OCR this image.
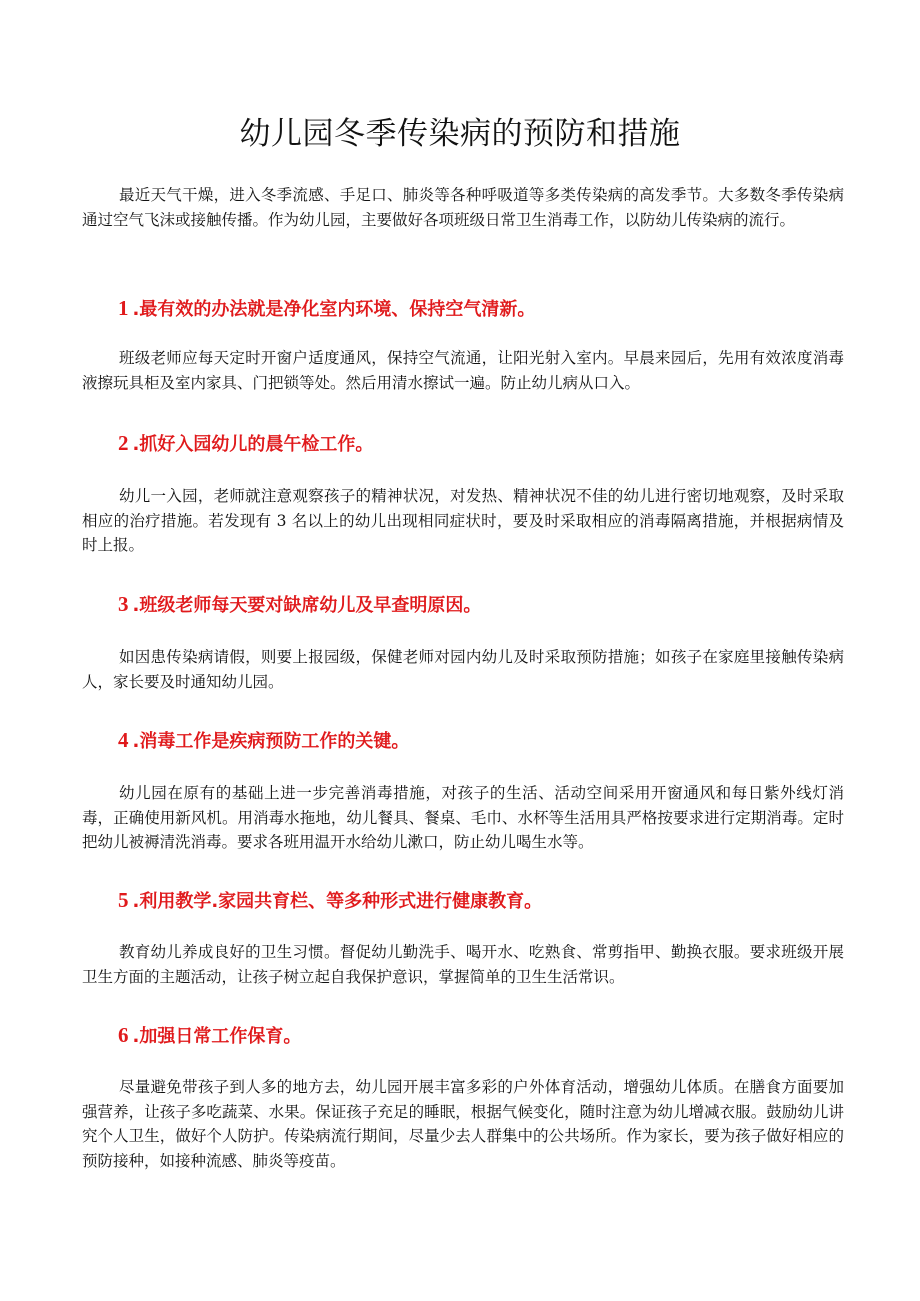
幼儿园冬季传染病的预防和措施

最近天气干燥，进入冬季流感、手足口、肺炎等各种呼吸道等多类传染病的高发季节。大多数冬季传染病通过空气飞沫或接触传播。作为幼儿园，主要做好各项班级日常卫生消毒工作，以防幼儿传染病的流行。

1 .最有效的办法就是净化室内环境、保持空气清新。

班级老师应每天定时开窗户适度通风，保持空气流通，让阳光射入室内。早晨来园后，先用有效浓度消毒液擦玩具柜及室内家具、门把锁等处。然后用清水擦试一遍。防止幼儿病从口入。

2 .抓好入园幼儿的晨午检工作。

幼儿一入园，老师就注意观察孩子的精神状况，对发热、精神状况不佳的幼儿进行密切地观察，及时采取相应的治疗措施。若发现有 3 名以上的幼儿出现相同症状时，要及时采取相应的消毒隔离措施，并根据病情及时上报。

3 .班级老师每天要对缺席幼儿及早查明原因。

如因患传染病请假，则要上报园级，保健老师对园内幼儿及时采取预防措施；如孩子在家庭里接触传染病人，家长要及时通知幼儿园。

4 .消毒工作是疾病预防工作的关键。

幼儿园在原有的基础上进一步完善消毒措施，对孩子的生活、活动空间采用开窗通风和每日紫外线灯消毒，正确使用新风机。用消毒水拖地，幼儿餐具、餐桌、毛巾、水杯等生活用具严格按要求进行定期消毒。定时把幼儿被褥清洗消毒。要求各班用温开水给幼儿漱口，防止幼儿喝生水等。

5 .利用教学.家园共育栏、等多种形式进行健康教育。

教育幼儿养成良好的卫生习惯。督促幼儿勤洗手、喝开水、吃熟食、常剪指甲、勤换衣服。要求班级开展卫生方面的主题活动，让孩子树立起自我保护意识，掌握简单的卫生生活常识。

6 .加强日常工作保育。

尽量避免带孩子到人多的地方去，幼儿园开展丰富多彩的户外体育活动，增强幼儿体质。在膳食方面要加强营养，让孩子多吃蔬菜、水果。保证孩子充足的睡眠，根据气候变化，随时注意为幼儿增减衣服。鼓励幼儿讲究个人卫生，做好个人防护。传染病流行期间，尽量少去人群集中的公共场所。作为家长，要为孩子做好相应的预防接种，如接种流感、肺炎等疫苗。
